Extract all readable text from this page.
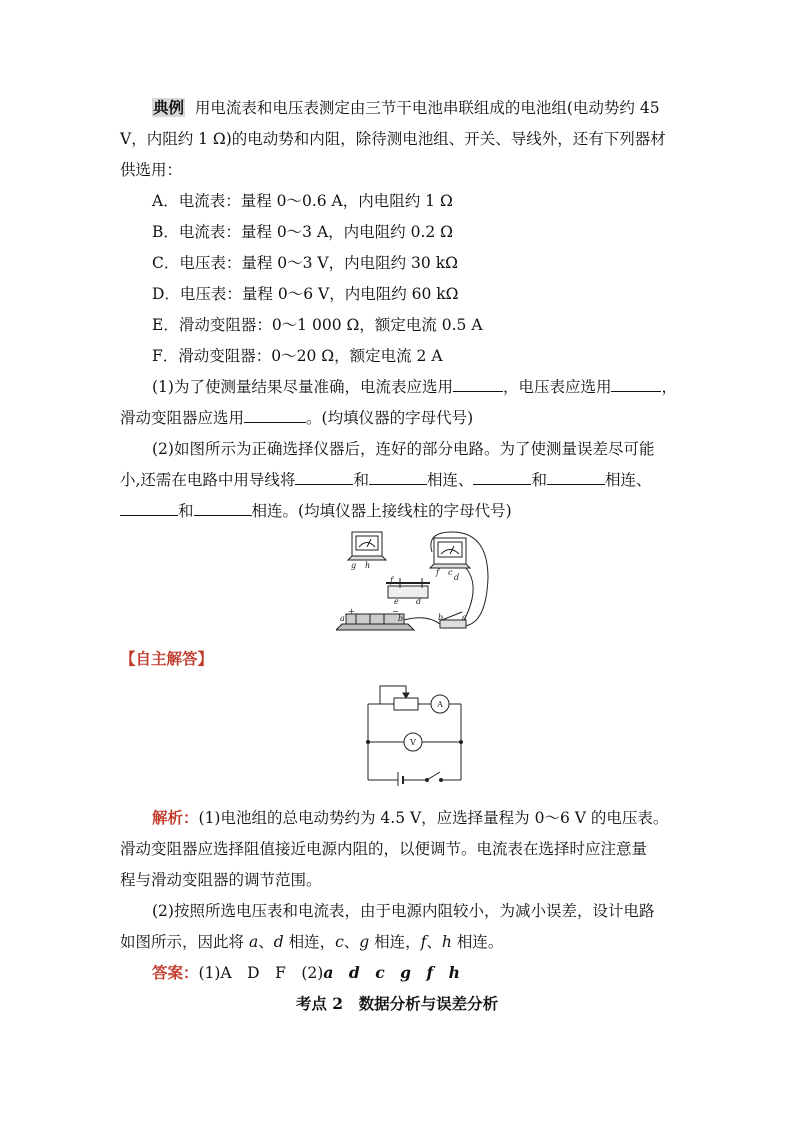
典例 用电流表和电压表测定由三节干电池串联组成的电池组(电动势约 45
V，内阻约 1 Ω)的电动势和内阻，除待测电池组、开关、导线外，还有下列器材
供选用：
A．电流表：量程 0～0.6 A，内电阻约 1 Ω
B．电流表：量程 0～3 A，内电阻约 0.2 Ω
C．电压表：量程 0～3 V，内电阻约 30 kΩ
D．电压表：量程 0～6 V，内电阻约 60 kΩ
E．滑动变阻器：0～1 000 Ω，额定电流 0.5 A
F．滑动变阻器：0～20 Ω，额定电流 2 A
(1)为了使测量结果尽量准确，电流表应选用	，电压表应选用	，
滑动变阻器应选用	。(均填仪器的字母代号)
(2)如图所示为正确选择仪器后，连好的部分电路。为了使测量误差尽可能
小,还需在电路中用导线将	和	相连、	和	相连、
和	相连。(均填仪器上接线柱的字母代号)
g h
f c
d
f
e d
a
+	−
b	b c
【自主解答】
A
V
解析：(1)电池组的总电动势约为 4.5 V，应选择量程为 0～6 V 的电压表。
滑动变阻器应选择阻值接近电源内阻的，以便调节。电流表在选择时应注意量
程与滑动变阻器的调节范围。
(2)按照所选电压表和电流表，由于电源内阻较小，为减小误差，设计电路
如图所示，因此将 a、d 相连，c、g 相连，f、h 相连。
答案：(1)A　D　F　(2)a　d　c　g　f　h
考点 2　数据分析与误差分析
